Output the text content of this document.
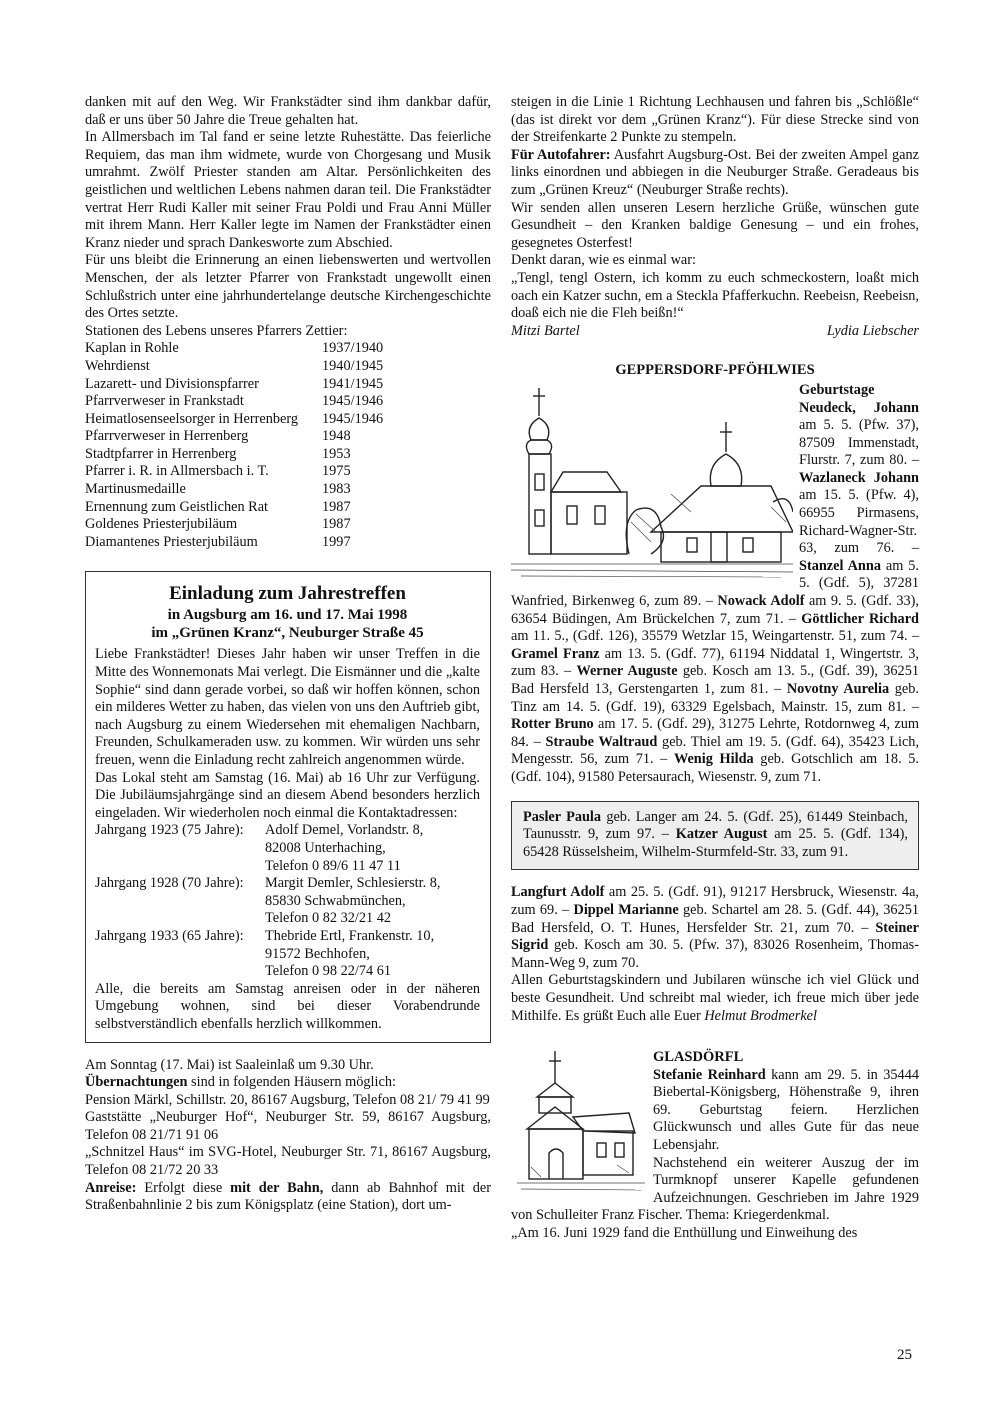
danken mit auf den Weg. Wir Frankstädter sind ihm dankbar dafür, daß er uns über 50 Jahre die Treue gehalten hat.

In Allmersbach im Tal fand er seine letzte Ruhestätte. Das feierliche Requiem, das man ihm widmete, wurde von Chorgesang und Musik umrahmt. Zwölf Priester standen am Altar. Persönlichkeiten des geistlichen und weltlichen Lebens nahmen daran teil. Die Frankstädter vertrat Herr Rudi Kaller mit seiner Frau Poldi und Frau Anni Müller mit ihrem Mann. Herr Kaller legte im Namen der Frankstädter einen Kranz nieder und sprach Dankesworte zum Abschied.

Für uns bleibt die Erinnerung an einen liebenswerten und wertvollen Menschen, der als letzter Pfarrer von Frankstadt ungewollt einen Schlußstrich unter eine jahrhundertelange deutsche Kirchengeschichte des Ortes setzte.

Stationen des Lebens unseres Pfarrers Zettier:

Kaplan in Rohle	1937/1940
Wehrdienst	1940/1945
Lazarett- und Divisionspfarrer	1941/1945
Pfarrverweser in Frankstadt	1945/1946
Heimatlosenseelsorger in Herrenberg	1945/1946
Pfarrverweser in Herrenberg	1948
Stadtpfarrer in Herrenberg	1953
Pfarrer i. R. in Allmersbach i. T.	1975
Martinusmedaille	1983
Ernennung zum Geistlichen Rat	1987
Goldenes Priesterjubiläum	1987
Diamantenes Priesterjubiläum	1997
Einladung zum Jahrestreffen
in Augsburg am 16. und 17. Mai 1998
im „Grünen Kranz“, Neuburger Straße 45

Liebe Frankstädter! Dieses Jahr haben wir unser Treffen in die Mitte des Wonnemonats Mai verlegt. Die Eismänner und die „kalte Sophie“ sind dann gerade vorbei, so daß wir hoffen können, schon ein milderes Wetter zu haben, das vielen von uns den Auftrieb gibt, nach Augsburg zu einem Wiedersehen mit ehemaligen Nachbarn, Freunden, Schulkameraden usw. zu kommen. Wir würden uns sehr freuen, wenn die Einladung recht zahlreich angenommen würde.

Das Lokal steht am Samstag (16. Mai) ab 16 Uhr zur Verfügung. Die Jubiläumsjahrgänge sind an diesem Abend besonders herzlich eingeladen. Wir wiederholen noch einmal die Kontaktadressen:

Jahrgang 1923 (75 Jahre):	Adolf Demel, Vorlandstr. 8,
82008 Unterhaching,
Telefon 0 89/6 11 47 11
Jahrgang 1928 (70 Jahre):	Margit Demler, Schlesierstr. 8,
85830 Schwabmünchen,
Telefon 0 82 32/21 42
Jahrgang 1933 (65 Jahre):	Thebride Ertl, Frankenstr. 10,
91572 Bechhofen,
Telefon 0 98 22/74 61

Alle, die bereits am Samstag anreisen oder in der näheren Umgebung wohnen, sind bei dieser Vorabendrunde selbstverständlich ebenfalls herzlich willkommen.

Am Sonntag (17. Mai) ist Saaleinlaß um 9.30 Uhr.

Übernachtungen sind in folgenden Häusern möglich:

Pension Märkl, Schillstr. 20, 86167 Augsburg, Telefon 08 21/ 79 41 99

Gaststätte „Neuburger Hof“, Neuburger Str. 59, 86167 Augsburg, Telefon 08 21/71 91 06

„Schnitzel Haus“ im SVG-Hotel, Neuburger Str. 71, 86167 Augsburg, Telefon 08 21/72 20 33

Anreise: Erfolgt diese mit der Bahn, dann ab Bahnhof mit der Straßenbahnlinie 2 bis zum Königsplatz (eine Station), dort um-

steigen in die Linie 1 Richtung Lechhausen und fahren bis „Schlößle“ (das ist direkt vor dem „Grünen Kranz“). Für diese Strecke sind von der Streifenkarte 2 Punkte zu stempeln.

Für Autofahrer: Ausfahrt Augsburg-Ost. Bei der zweiten Ampel ganz links einordnen und abbiegen in die Neuburger Straße. Geradeaus bis zum „Grünen Kreuz“ (Neuburger Straße rechts).

Wir senden allen unseren Lesern herzliche Grüße, wünschen gute Gesundheit – den Kranken baldige Genesung – und ein frohes, gesegnetes Osterfest!

Denkt daran, wie es einmal war:

„Tengl, tengl Ostern, ich komm zu euch schmeckostern, loaßt mich oach ein Katzer suchn, em a Steckla Pfafferkuchn. Reebeisn, Reebeisn, doaß eich nie die Fleh beißn!“

Mitzi Bartel	Lydia Liebscher

GEPPERSDORF-PFÖHLWIES

Geburtstage

Neudeck, Johann am 5. 5. (Pfw. 37), 87509 Immenstadt, Flurstr. 7, zum 80. – Wazlaneck Johann am 15. 5. (Pfw. 4), 66955 Pirmasens, Richard-Wagner-Str. 63, zum 76. – Stanzel Anna am 5. 5. (Gdf. 5), 37281 Wanfried, Birkenweg 6, zum 89. – Nowack Adolf am 9. 5. (Gdf. 33), 63654 Büdingen, Am Brückelchen 7, zum 71. – Göttlicher Richard am 11. 5., (Gdf. 126), 35579 Wetzlar 15, Weingartenstr. 51, zum 74. – Gramel Franz am 13. 5. (Gdf. 77), 61194 Niddatal 1, Wingertstr. 3, zum 83. – Werner Auguste geb. Kosch am 13. 5., (Gdf. 39), 36251 Bad Hersfeld 13, Gerstengarten 1, zum 81. – Novotny Aurelia geb. Tinz am 14. 5. (Gdf. 19), 63329 Egelsbach, Mainstr. 15, zum 81. – Rotter Bruno am 17. 5. (Gdf. 29), 31275 Lehrte, Rotdornweg 4, zum 84. – Straube Waltraud geb. Thiel am 19. 5. (Gdf. 64), 35423 Lich, Mengesstr. 56, zum 71. – Wenig Hilda geb. Gotschlich am 18. 5. (Gdf. 104), 91580 Petersaurach, Wiesenstr. 9, zum 71.

Pasler Paula geb. Langer am 24. 5. (Gdf. 25), 61449 Steinbach, Taunusstr. 9, zum 97. – Katzer August am 25. 5. (Gdf. 134), 65428 Rüsselsheim, Wilhelm-Sturmfeld-Str. 33, zum 91.

Langfurt Adolf am 25. 5. (Gdf. 91), 91217 Hersbruck, Wiesenstr. 4a, zum 69. – Dippel Marianne geb. Schartel am 28. 5. (Gdf. 44), 36251 Bad Hersfeld, O. T. Hunes, Hersfelder Str. 21, zum 70. – Steiner Sigrid geb. Kosch am 30. 5. (Pfw. 37), 83026 Rosenheim, Thomas-Mann-Weg 9, zum 70.

Allen Geburtstagskindern und Jubilaren wünsche ich viel Glück und beste Gesundheit. Und schreibt mal wieder, ich freue mich über jede Mithilfe. Es grüßt Euch alle Euer Helmut Brodmerkel

GLASDÖRFL

Stefanie Reinhard kann am 29. 5. in 35444 Biebertal-Königsberg, Höhenstraße 9, ihren 69. Geburtstag feiern. Herzlichen Glückwunsch und alles Gute für das neue Lebensjahr.

Nachstehend ein weiterer Auszug der im Turmknopf unserer Kapelle gefundenen Aufzeichnungen. Geschrieben im Jahre 1929 von Schulleiter Franz Fischer. Thema: Kriegerdenkmal.

„Am 16. Juni 1929 fand die Enthüllung und Einweihung des

25
